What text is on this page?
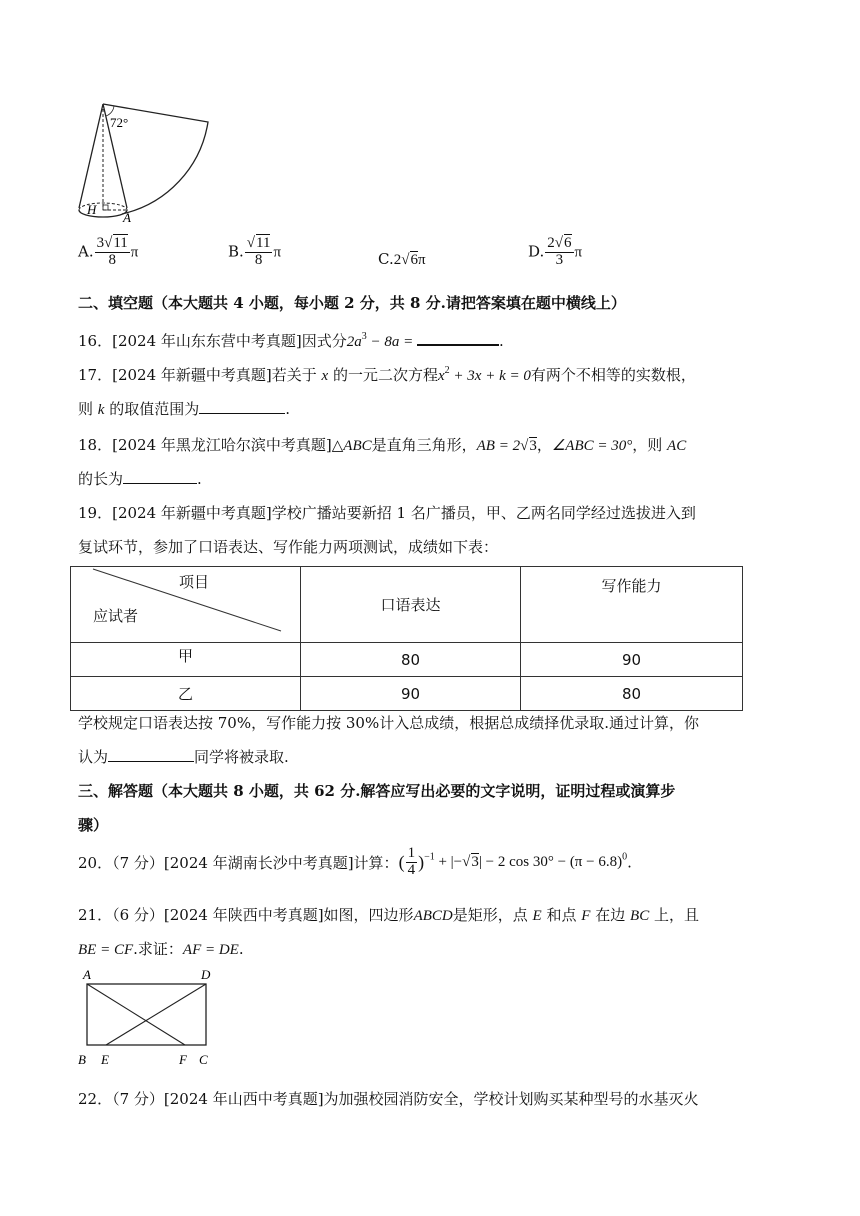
72°
H
A
A. $\frac{3√11}{8}$ π	B. $\frac{√11}{8}$ π	C.2√6π	D. $\frac{2√6}{3}$ π
二、填空题（本大题共 4 小题，每小题 2 分，共 8 分.请把答案填在题中横线上）
16．[2024 年山东东营中考真题]因式分$2a^3 - 8a$ =	.
17．[2024 年新疆中考真题]若关于 x 的一元二次方程$x^2 + 3x + k = 0$有两个不相等的实数根，
则 k 的取值范围为	.
18．[2024 年黑龙江哈尔滨中考真题]△ABC是直角三角形，AB = 2√3，∠ABC = 30°，则 AC
的长为	.
19．[2024 年新疆中考真题]学校广播站要新招 1 名广播员，甲、乙两名同学经过选拔进入到
复试环节，参加了口语表达、写作能力两项测试，成绩如下表：
项目
应试者	口语表达	写作能力
甲	80	90
乙	90	80
学校规定口语表达按 70%，写作能力按 30%计入总成绩，根据总成绩择优录取.通过计算，你
认为	同学将被录取.
三、解答题（本大题共 8 小题，共 62 分.解答应写出必要的文字说明，证明过程或演算步
骤）
20．（7 分）[2024 年湖南长沙中考真题]计算：( $\frac{1}{4} )^{-1} + |-√3| - 2$ $\cos 30^\circ - (\pi - 6.8)^0$.
21．（6 分）[2024 年陕西中考真题]如图，四边形ABCD是矩形，点 E 和点 F 在边 BC 上，且
BE = CF.求证：AF = DE.
A	D
B E	F C
22．（7 分）[2024 年山西中考真题]为加强校园消防安全，学校计划购买某种型号的水基灭火
